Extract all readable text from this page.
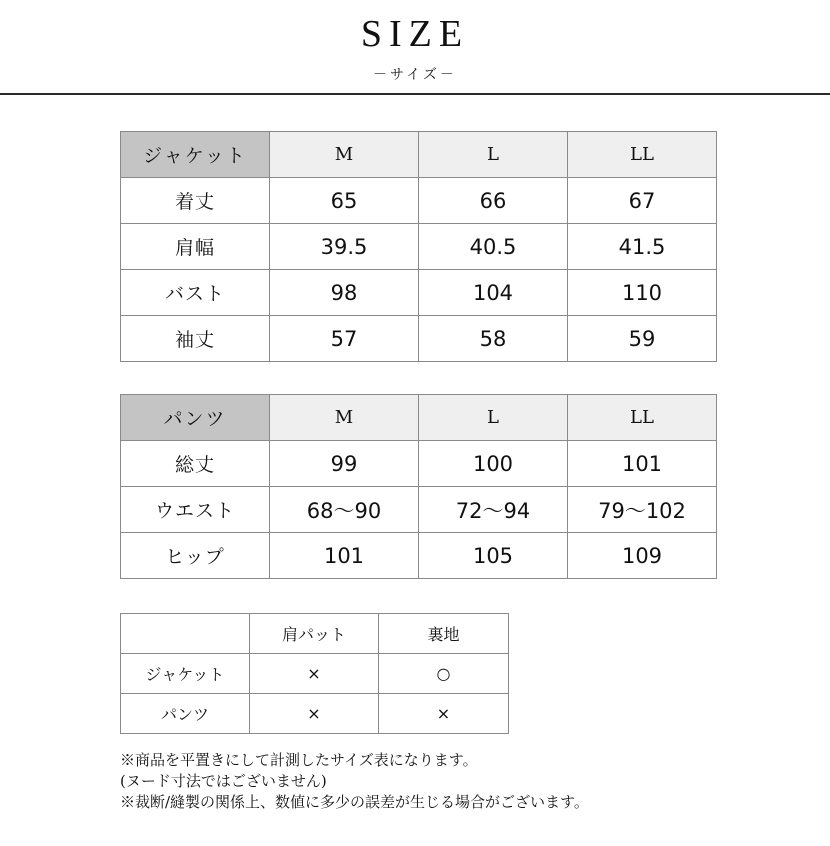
SIZE
－サイズ－
ジャケット	M	L	LL
着丈	65	66	67
肩幅	39.5	40.5	41.5
バスト	98	104	110
袖丈	57	58	59
パンツ	M	L	LL
総丈	99	100	101
ウエスト	68～90	72～94	79～102
ヒップ	101	105	109
	肩パット	裏地
ジャケット	×	○
パンツ	×	×
※商品を平置きにして計測したサイズ表になります。
(ヌード寸法ではございません)
※裁断/縫製の関係上、数値に多少の誤差が生じる場合がございます。
